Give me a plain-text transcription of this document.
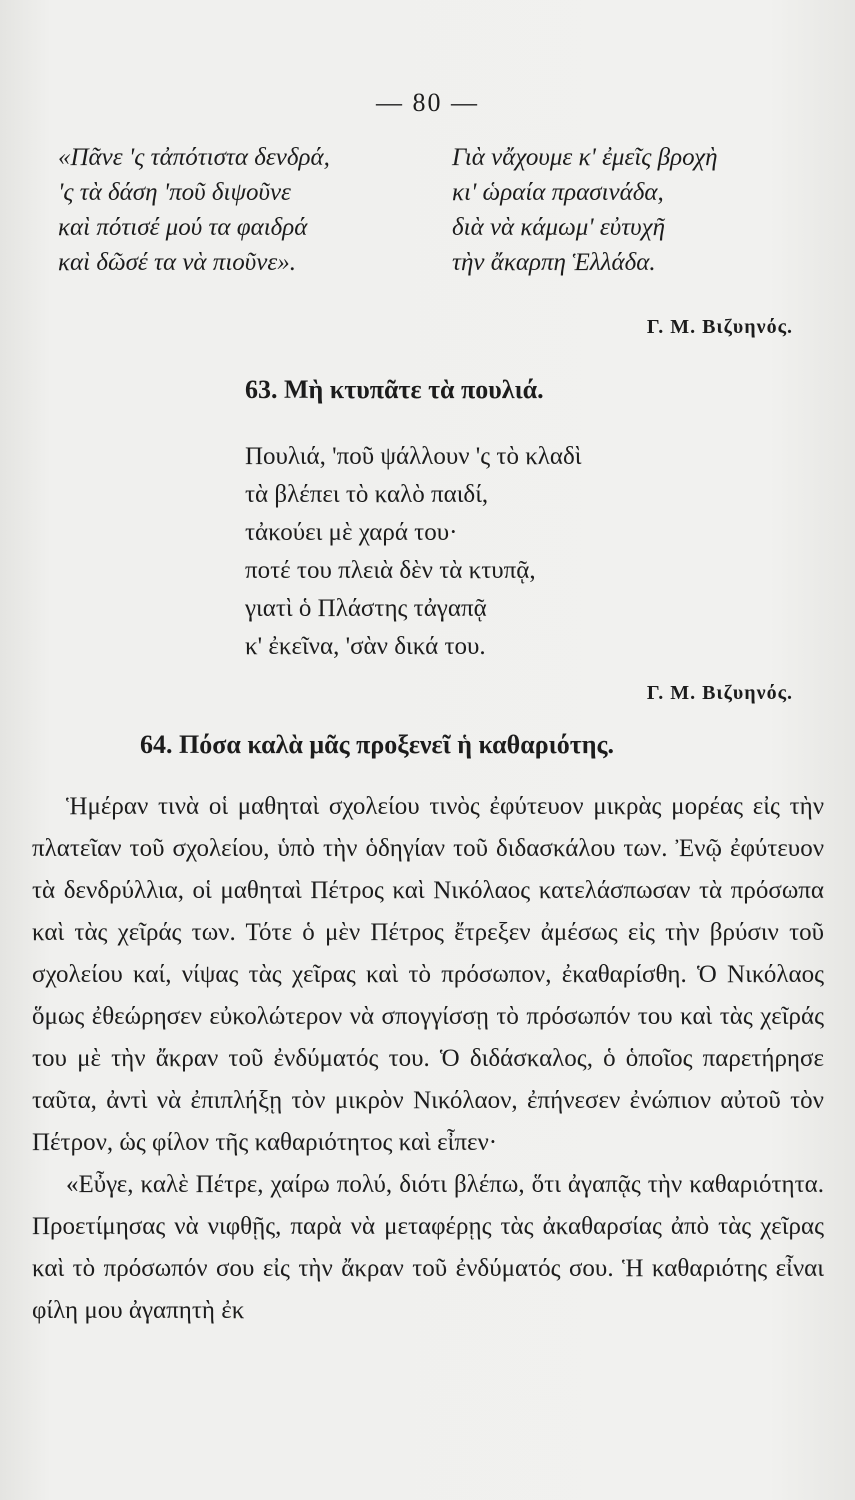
— 80 —
«Πᾶνε 'ς τἀπότιστα δενδρά,
'ς τὰ δάση 'ποῦ διψοῦνε
καὶ πότισέ μού τα φαιδρά
καὶ δῶσέ τα νὰ πιοῦνε».
Γιὰ νἄχουμε κ' ἐμεῖς βροχὴ
κι' ὡραία πρασινάδα,
διὰ νὰ κάμωμ' εὐτυχῆ
τὴν ἄκαρπη Ἑλλάδα.
Γ. Μ. Βιζυηνός.
63. Μὴ κτυπᾶτε τὰ πουλιά.
Πουλιά, 'ποῦ ψάλλουν 'ς τὸ κλαδὶ
τὰ βλέπει τὸ καλὸ παιδί,
τἀκούει μὲ χαρά του·
ποτέ του πλειὰ δὲν τὰ κτυπᾷ,
γιατὶ ὁ Πλάστης τἀγαπᾷ
κ' ἐκεῖνα, 'σὰν δικά του.
Γ. Μ. Βιζυηνός.
64. Πόσα καλὰ μᾶς προξενεῖ ἡ καθαριότης.

Ἡμέραν τινὰ οἱ μαθηταὶ σχολείου τινὸς ἐφύτευον μικρὰς μορέας εἰς τὴν πλατεῖαν τοῦ σχολείου, ὑπὸ τὴν ὁδηγίαν τοῦ διδασκάλου των. Ἐνῷ ἐφύτευον τὰ δενδρύλλια, οἱ μαθηταὶ Πέτρος καὶ Νικόλαος κατελάσπωσαν τὰ πρόσωπα καὶ τὰς χεῖράς των. Τότε ὁ μὲν Πέτρος ἔτρεξεν ἀμέσως εἰς τὴν βρύσιν τοῦ σχολείου καί, νίψας τὰς χεῖρας καὶ τὸ πρόσωπον, ἐκαθαρίσθη. Ὁ Νικόλαος ὅμως ἐθεώρησεν εὐκολώτερον νὰ σπογγίσσῃ τὸ πρόσωπόν του καὶ τὰς χεῖράς του μὲ τὴν ἄκραν τοῦ ἐνδύματός του. Ὁ διδάσκαλος, ὁ ὁποῖος παρετήρησε ταῦτα, ἀντὶ νὰ ἐπιπλήξῃ τὸν μικρὸν Νικόλαον, ἐπήνεσεν ἐνώπιον αὐτοῦ τὸν Πέτρον, ὡς φίλον τῆς καθαριότητος καὶ εἶπεν·

«Εὖγε, καλὲ Πέτρε, χαίρω πολύ, διότι βλέπω, ὅτι ἀγαπᾷς τὴν καθαριότητα. Προετίμησας νὰ νιφθῇς, παρὰ νὰ μεταφέρῃς τὰς ἀκαθαρσίας ἀπὸ τὰς χεῖρας καὶ τὸ πρόσωπόν σου εἰς τὴν ἄκραν τοῦ ἐνδύματός σου. Ἡ καθαριότης εἶναι φίλη μου ἀγαπητὴ ἐκ
